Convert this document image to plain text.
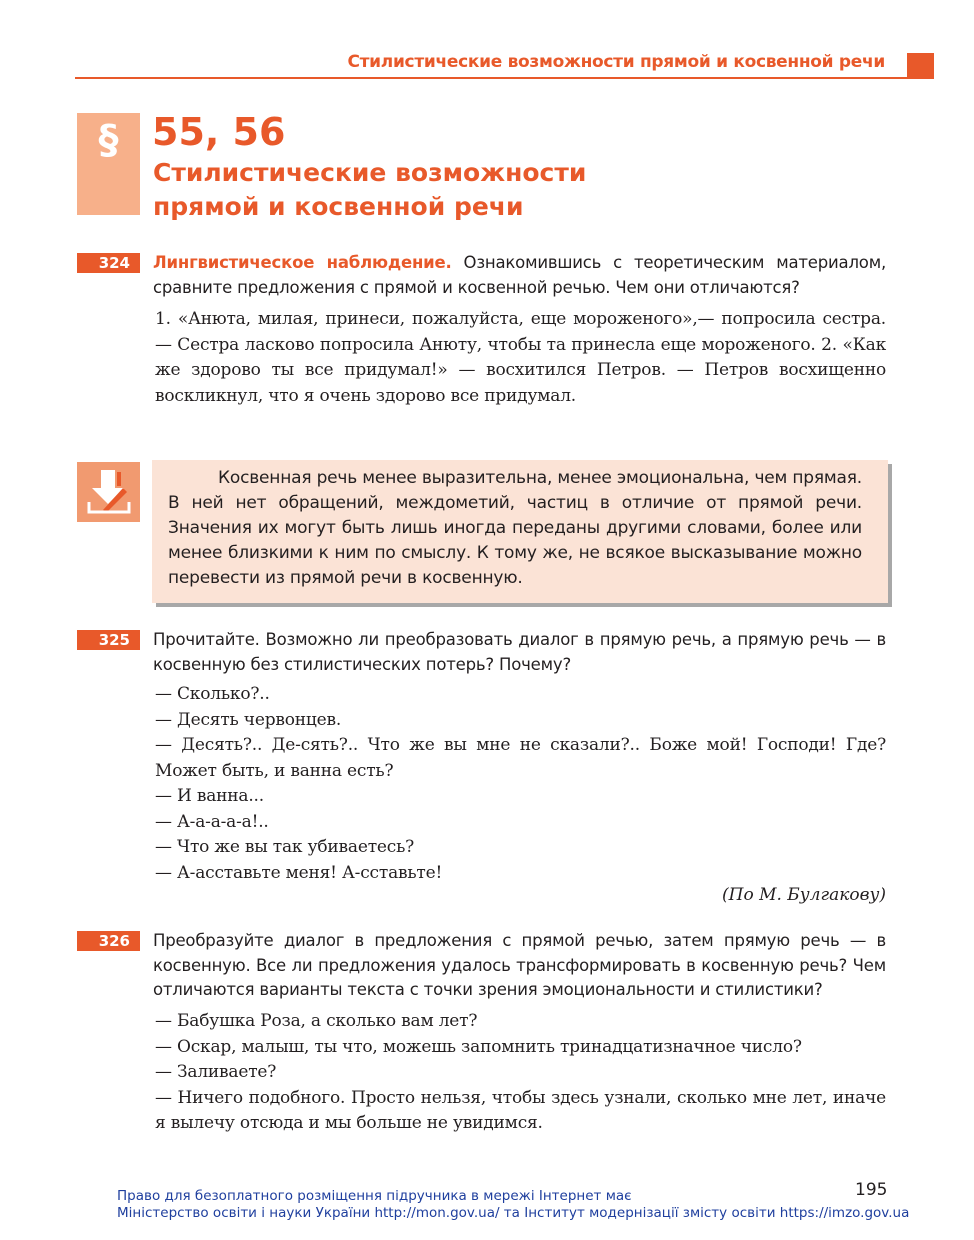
Стилистические возможности прямой и косвенной речи
§ 55, 56
Стилистические возможности
прямой и косвенной речи
324	Лингвистическое наблюдение. Ознакомившись с теоретическим материалом, сравните предложения с прямой и косвенной речью. Чем они отличаются?

1. «Анюта, милая, принеси, пожалуйста, еще мороженого»,— попросила сестра. — Сестра ласково попросила Анюту, чтобы та принесла еще мороженого. 2. «Как же здорово ты все придумал!» — восхитился Петров. — Петров восхищенно воскликнул, что я очень здорово все придумал.

Косвенная речь менее выразительна, менее эмоциональна, чем прямая. В ней нет обращений, междометий, частиц в отличие от прямой речи. Значения их могут быть лишь иногда переданы другими словами, более или менее близкими к ним по смыслу. К тому же, не всякое высказывание можно перевести из прямой речи в косвенную.

325	Прочитайте. Возможно ли преобразовать диалог в прямую речь, а прямую речь — в косвенную без стилистических потерь? Почему?

— Сколько?..

— Десять червонцев.

— Десять?.. Де-сять?.. Что же вы мне не сказали?.. Боже мой! Господи! Где? Может быть, и ванна есть?

— И ванна...

— А-а-а-а-а!..

— Что же вы так убиваетесь?

— А-асставьте меня! А-сставьте!

(По М. Булгакову)
326	Преобразуйте диалог в предложения с прямой речью, затем прямую речь — в косвенную. Все ли предложения удалось трансформировать в косвенную речь? Чем отличаются варианты текста с точки зрения эмоциональности и стилистики?

— Бабушка Роза, а сколько вам лет?

— Оскар, малыш, ты что, можешь запомнить тринадцатизначное число?

— Заливаете?

— Ничего подобного. Просто нельзя, чтобы здесь узнали, сколько мне лет, иначе я вылечу отсюда и мы больше не увидимся.

195
Право для безоплатного розміщення підручника в мережі Інтернет має
Міністерство освіти і науки України http://mon.gov.ua/ та Інститут модернізації змісту освіти https://imzo.gov.ua
